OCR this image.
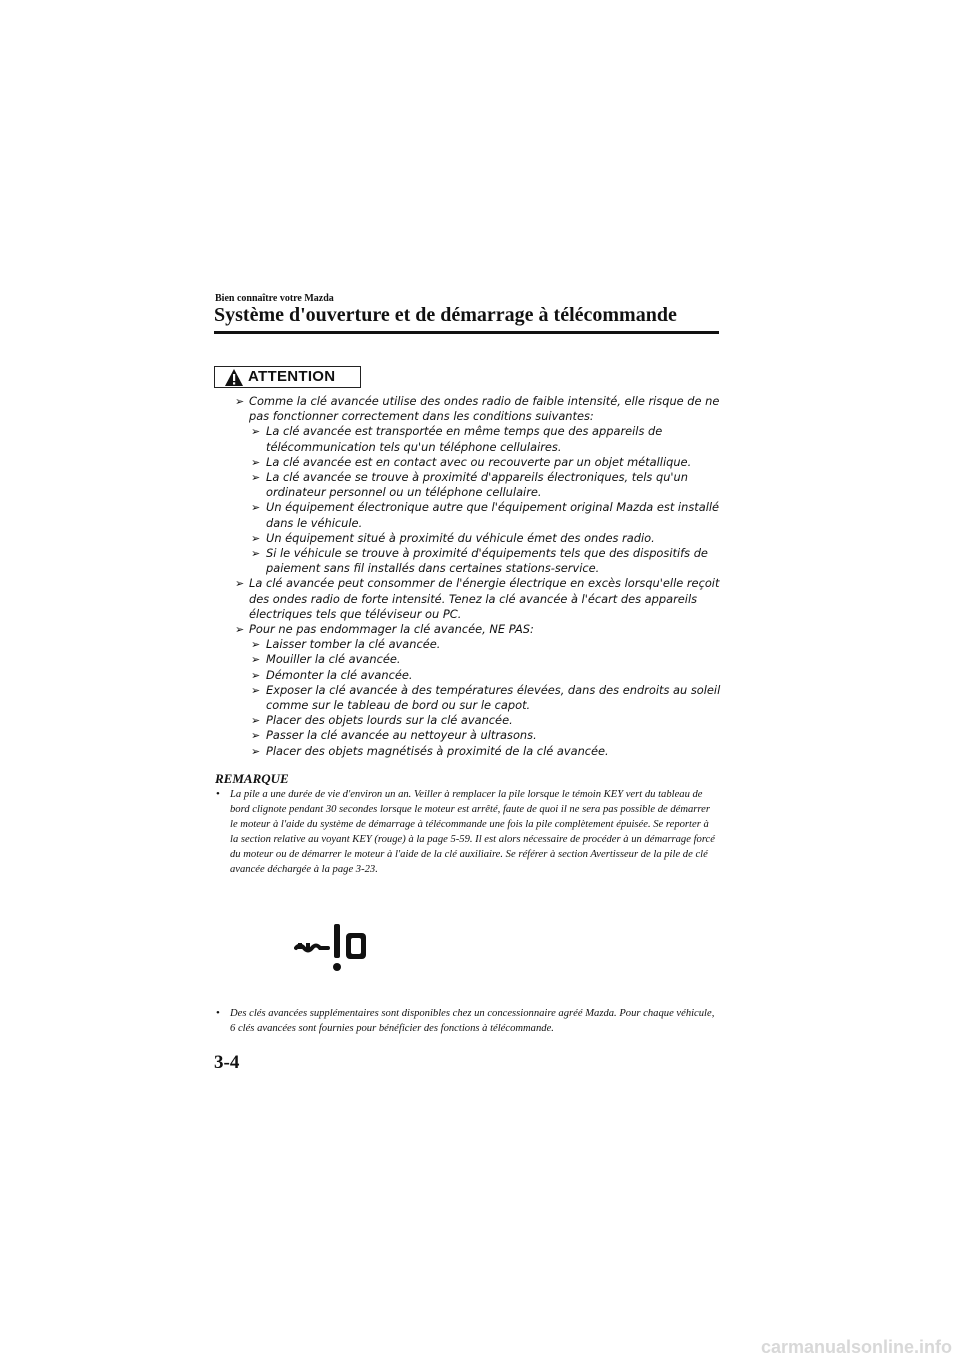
Bien connaître votre Mazda
Système d'ouverture et de démarrage à télécommande
ATTENTION
➢ Comme la clé avancée utilise des ondes radio de faible intensité, elle risque de ne pas fonctionner correctement dans les conditions suivantes:
➢ La clé avancée est transportée en même temps que des appareils de télécommunication tels qu'un téléphone cellulaires.
➢ La clé avancée est en contact avec ou recouverte par un objet métallique.
➢ La clé avancée se trouve à proximité d'appareils électroniques, tels qu'un ordinateur personnel ou un téléphone cellulaire.
➢ Un équipement électronique autre que l'équipement original Mazda est installé dans le véhicule.
➢ Un équipement situé à proximité du véhicule émet des ondes radio.
➢ Si le véhicule se trouve à proximité d'équipements tels que des dispositifs de paiement sans fil installés dans certaines stations-service.
➢ La clé avancée peut consommer de l'énergie électrique en excès lorsqu'elle reçoit des ondes radio de forte intensité. Tenez la clé avancée à l'écart des appareils électriques tels que téléviseur ou PC.
➢ Pour ne pas endommager la clé avancée, NE PAS:
➢ Laisser tomber la clé avancée.
➢ Mouiller la clé avancée.
➢ Démonter la clé avancée.
➢ Exposer la clé avancée à des températures élevées, dans des endroits au soleil comme sur le tableau de bord ou sur le capot.
➢ Placer des objets lourds sur la clé avancée.
➢ Passer la clé avancée au nettoyeur à ultrasons.
➢ Placer des objets magnétisés à proximité de la clé avancée.
REMARQUE
• La pile a une durée de vie d'environ un an. Veiller à remplacer la pile lorsque le témoin KEY vert du tableau de bord clignote pendant 30 secondes lorsque le moteur est arrêté, faute de quoi il ne sera pas possible de démarrer le moteur à l'aide du système de démarrage à télécommande une fois la pile complètement épuisée. Se reporter à la section relative au voyant KEY (rouge) à la page 5-59. Il est alors nécessaire de procéder à un démarrage forcé du moteur ou de démarrer le moteur à l'aide de la clé auxiliaire. Se référer à section Avertisseur de la pile de clé avancée déchargée à la page 3-23.
• Des clés avancées supplémentaires sont disponibles chez un concessionnaire agréé Mazda. Pour chaque véhicule, 6 clés avancées sont fournies pour bénéficier des fonctions à télécommande.
3-4
carmanualsonline.info
